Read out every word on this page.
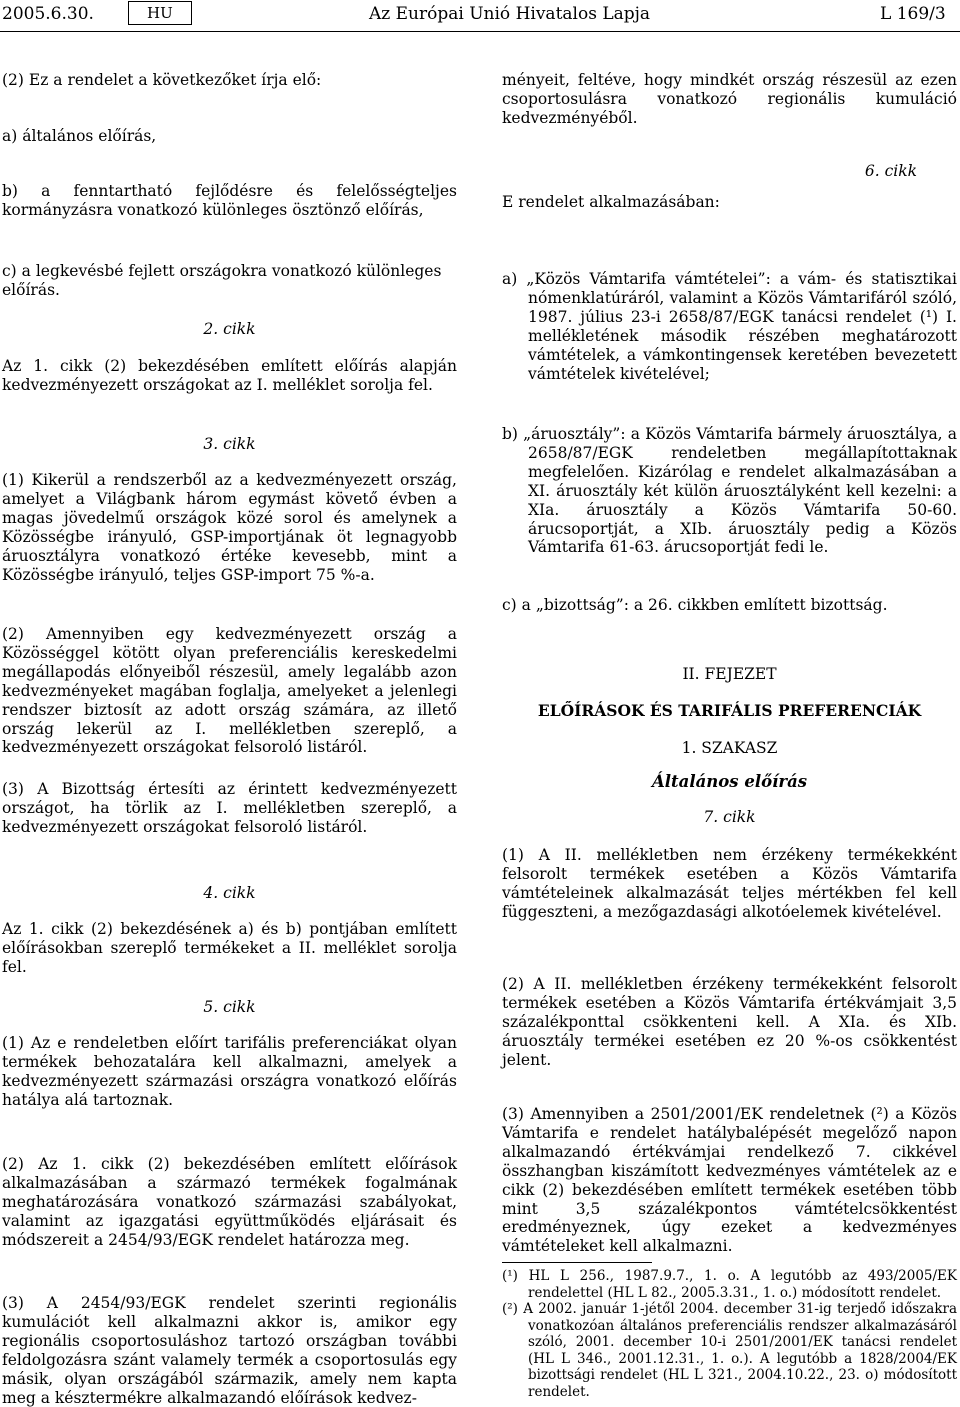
2005.6.30.	HU	Az Európai Unió Hivatalos Lapja	L 169/3

(2) Ez a rendelet a következőket írja elő:

a) általános előírás,

b) a fenntartható fejlődésre és felelősségteljes kormányzásra vonatkozó különleges ösztönző előírás,

c) a legkevésbé fejlett országokra vonatkozó különleges előírás.

2. cikk

Az 1. cikk (2) bekezdésében említett előírás alapján kedvezményezett országokat az I. melléklet sorolja fel.

3. cikk

(1) Kikerül a rendszerből az a kedvezményezett ország, amelyet a Világbank három egymást követő évben a magas jövedelmű országok közé sorol és amelynek a Közösségbe irányuló, GSP-importjának öt legnagyobb áruosztályra vonatkozó értéke kevesebb, mint a Közösségbe irányuló, teljes GSP-import 75 %-a.

(2) Amennyiben egy kedvezményezett ország a Közösséggel kötött olyan preferenciális kereskedelmi megállapodás előnyeiből részesül, amely legalább azon kedvezményeket magában foglalja, amelyeket a jelenlegi rendszer biztosít az adott ország számára, az illető ország lekerül az I. mellékletben szereplő, a kedvezményezett országokat felsoroló listáról.

(3) A Bizottság értesíti az érintett kedvezményezett országot, ha törlik az I. mellékletben szereplő, a kedvezményezett országokat felsoroló listáról.

4. cikk

Az 1. cikk (2) bekezdésének a) és b) pontjában említett előírásokban szereplő termékeket a II. melléklet sorolja fel.

5. cikk

(1) Az e rendeletben előírt tarifális preferenciákat olyan termékek behozatalára kell alkalmazni, amelyek a kedvezményezett származási országra vonatkozó előírás hatálya alá tartoznak.

(2) Az 1. cikk (2) bekezdésében említett előírások alkalmazásában a származó termékek fogalmának meghatározására vonatkozó származási szabályokat, valamint az igazgatási együttműködés eljárásait és módszereit a 2454/93/EGK rendelet határozza meg.

(3) A 2454/93/EGK rendelet szerinti regionális kumulációt kell alkalmazni akkor is, amikor egy regionális csoportosuláshoz tartozó országban további feldolgozásra szánt valamely termék a csoportosulás egy másik, olyan országából származik, amely nem kapta meg a késztermékre alkalmazandó előírások kedvez-

ményeit, feltéve, hogy mindkét ország részesül az ezen csoportosulásra vonatkozó regionális kumuláció kedvezményéből.

6. cikk

E rendelet alkalmazásában:

a) „Közös Vámtarifa vámtételei”: a vám- és statisztikai nómenklatúráról, valamint a Közös Vámtarifáról szóló, 1987. július 23-i 2658/87/EGK tanácsi rendelet (¹) I. mellékletének második részében meghatározott vámtételek, a vámkontingensek keretében bevezetett vámtételek kivételével;

b) „áruosztály”: a Közös Vámtarifa bármely áruosztálya, a 2658/87/EGK rendeletben megállapítottaknak megfelelően. Kizárólag e rendelet alkalmazásában a XI. áruosztály két külön áruosztályként kell kezelni: a XIa. áruosztály a Közös Vámtarifa 50-60. árucsoportját, a XIb. áruosztály pedig a Közös Vámtarifa 61-63. árucsoportját fedi le.

c) a „bizottság”: a 26. cikkben említett bizottság.

II. FEJEZET

ELŐÍRÁSOK ÉS TARIFÁLIS PREFERENCIÁK

1. SZAKASZ

Általános előírás

7. cikk

(1) A II. mellékletben nem érzékeny termékekként felsorolt termékek esetében a Közös Vámtarifa vámtételeinek alkalmazását teljes mértékben fel kell függeszteni, a mezőgazdasági alkotóelemek kivételével.

(2) A II. mellékletben érzékeny termékekként felsorolt termékek esetében a Közös Vámtarifa értékvámjait 3,5 százalékponttal csökkenteni kell. A XIa. és XIb. áruosztály termékei esetében ez 20 %-os csökkentést jelent.

(3) Amennyiben a 2501/2001/EK rendeletnek (²) a Közös Vámtarifa e rendelet hatálybalépését megelőző napon alkalmazandó értékvámjai rendelkező 7. cikkével összhangban kiszámított kedvezményes vámtételek az e cikk (2) bekezdésében említett termékek esetében több mint 3,5 százalékpontos vámtételcsökkentést eredményeznek, úgy ezeket a kedvezményes vámtételeket kell alkalmazni.

(¹) HL L 256., 1987.9.7., 1. o. A legutóbb az 493/2005/EK rendelettel (HL L 82., 2005.3.31., 1. o.) módosított rendelet.

(²) A 2002. január 1-jétől 2004. december 31-ig terjedő időszakra vonatkozóan általános preferenciális rendszer alkalmazásáról szóló, 2001. december 10-i 2501/2001/EK tanácsi rendelet (HL L 346., 2001.12.31., 1. o.). A legutóbb a 1828/2004/EK bizottsági rendelet (HL L 321., 2004.10.22., 23. o) módosított rendelet.
